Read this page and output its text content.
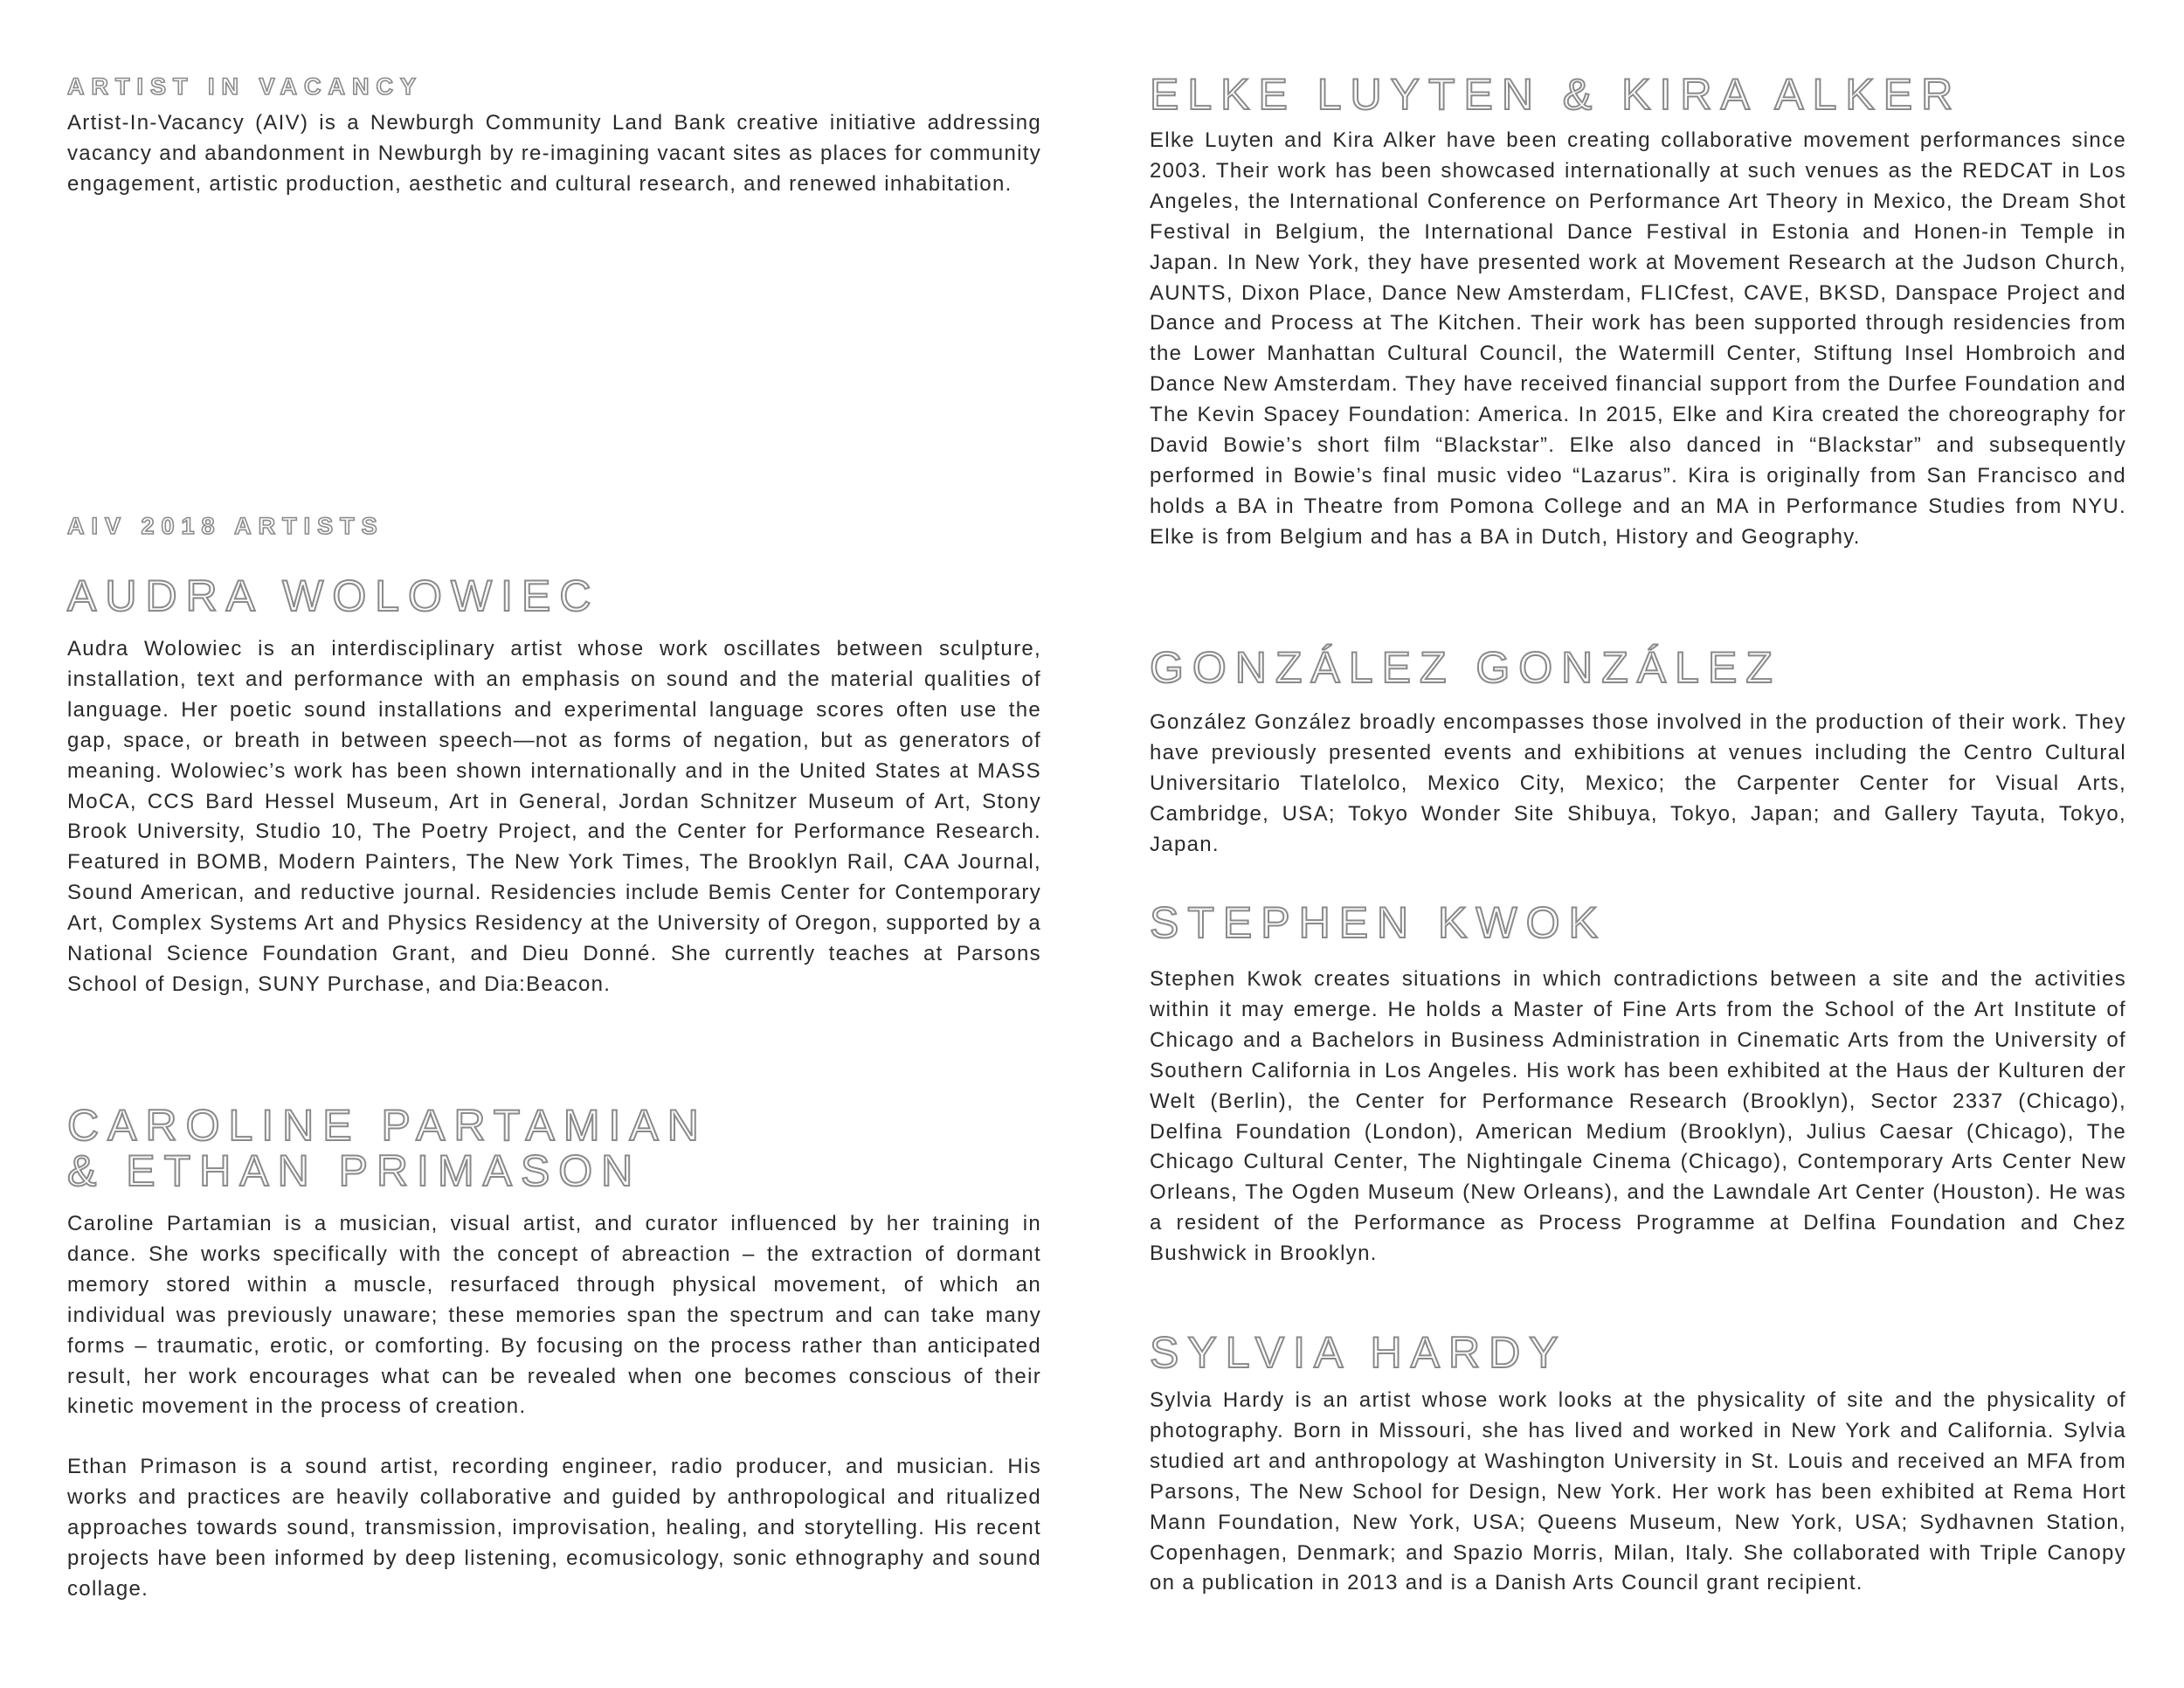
ARTIST IN VACANCY

Artist-In-Vacancy (AIV) is a Newburgh Community Land Bank creative initiative addressing vacancy and abandonment in Newburgh by re-imagining vacant sites as places for community engagement, artistic production, aesthetic and cultural research, and renewed inhabitation.

AIV 2018 ARTISTS
AUDRA WOLOWIEC

Audra Wolowiec is an interdisciplinary artist whose work oscillates between sculpture, installation, text and performance with an emphasis on sound and the material qualities of language. Her poetic sound installations and experimental language scores often use the gap, space, or breath in between speech—not as forms of negation, but as generators of meaning. Wolowiec’s work has been shown internationally and in the United States at MASS MoCA, CCS Bard Hessel Museum, Art in General, Jordan Schnitzer Museum of Art, Stony Brook University, Studio 10, The Poetry Project, and the Center for Performance Research. Featured in BOMB, Modern Painters, The New York Times, The Brooklyn Rail, CAA Journal, Sound American, and reductive journal. Residencies include Bemis Center for Contemporary Art, Complex Systems Art and Physics Residency at the University of Oregon, supported by a National Science Foundation Grant, and Dieu Donné. She currently teaches at Parsons School of Design, SUNY Purchase, and Dia:Beacon.

CAROLINE PARTAMIAN
& ETHAN PRIMASON

Caroline Partamian is a musician, visual artist, and curator influenced by her training in dance. She works specifically with the concept of abreaction – the extraction of dormant memory stored within a muscle, resurfaced through physical movement, of which an individual was previously unaware; these memories span the spectrum and can take many forms – traumatic, erotic, or comforting. By focusing on the process rather than anticipated result, her work encourages what can be revealed when one becomes conscious of their kinetic movement in the process of creation.

Ethan Primason is a sound artist, recording engineer, radio producer, and musician. His works and practices are heavily collaborative and guided by anthropological and ritualized approaches towards sound, transmission, improvisation, healing, and storytelling. His recent projects have been informed by deep listening, ecomusicology, sonic ethnography and sound collage.

ELKE LUYTEN & KIRA ALKER

Elke Luyten and Kira Alker have been creating collaborative movement performances since 2003. Their work has been showcased internationally at such venues as the REDCAT in Los Angeles, the International Conference on Performance Art Theory in Mexico, the Dream Shot Festival in Belgium, the International Dance Festival in Estonia and Honen-in Temple in Japan. In New York, they have presented work at Movement Research at the Judson Church, AUNTS, Dixon Place, Dance New Amsterdam, FLICfest, CAVE, BKSD, Danspace Project and Dance and Process at The Kitchen. Their work has been supported through residencies from the Lower Manhattan Cultural Council, the Watermill Center, Stiftung Insel Hombroich and Dance New Amsterdam. They have received financial support from the Durfee Foundation and The Kevin Spacey Foundation: America. In 2015, Elke and Kira created the choreography for David Bowie’s short film “Blackstar”. Elke also danced in “Blackstar” and subsequently performed in Bowie’s final music video “Lazarus”. Kira is originally from San Francisco and holds a BA in Theatre from Pomona College and an MA in Performance Studies from NYU. Elke is from Belgium and has a BA in Dutch, History and Geography.

GONZÁLEZ GONZÁLEZ

González González broadly encompasses those involved in the production of their work. They have previously presented events and exhibitions at venues including the Centro Cultural Universitario Tlatelolco, Mexico City, Mexico; the Carpenter Center for Visual Arts, Cambridge, USA; Tokyo Wonder Site Shibuya, Tokyo, Japan; and Gallery Tayuta, Tokyo, Japan.

STEPHEN KWOK

Stephen Kwok creates situations in which contradictions between a site and the activities within it may emerge. He holds a Master of Fine Arts from the School of the Art Institute of Chicago and a Bachelors in Business Administration in Cinematic Arts from the University of Southern California in Los Angeles. His work has been exhibited at the Haus der Kulturen der Welt (Berlin), the Center for Performance Research (Brooklyn), Sector 2337 (Chicago), Delfina Foundation (London), American Medium (Brooklyn), Julius Caesar (Chicago), The Chicago Cultural Center, The Nightingale Cinema (Chicago), Contemporary Arts Center New Orleans, The Ogden Museum (New Orleans), and the Lawndale Art Center (Houston). He was a resident of the Performance as Process Programme at Delfina Foundation and Chez Bushwick in Brooklyn.

SYLVIA HARDY

Sylvia Hardy is an artist whose work looks at the physicality of site and the physicality of photography. Born in Missouri, she has lived and worked in New York and California. Sylvia studied art and anthropology at Washington University in St. Louis and received an MFA from Parsons, The New School for Design, New York. Her work has been exhibited at Rema Hort Mann Foundation, New York, USA; Queens Museum, New York, USA; Sydhavnen Station, Copenhagen, Denmark; and Spazio Morris, Milan, Italy. She collaborated with Triple Canopy on a publication in 2013 and is a Danish Arts Council grant recipient.
